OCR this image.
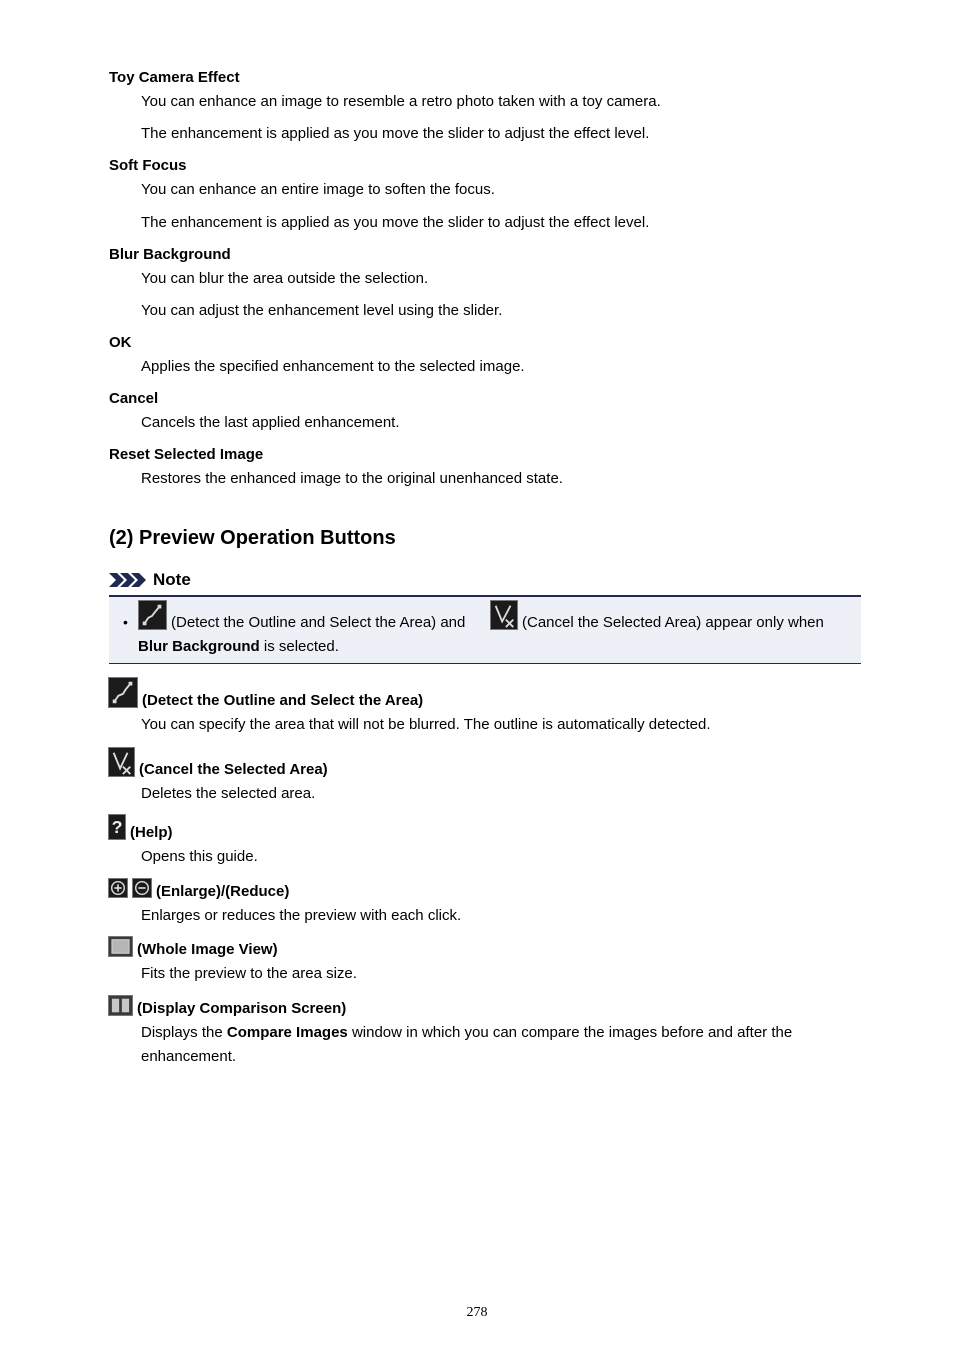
Toy Camera Effect
You can enhance an image to resemble a retro photo taken with a toy camera.
The enhancement is applied as you move the slider to adjust the effect level.
Soft Focus
You can enhance an entire image to soften the focus.
The enhancement is applied as you move the slider to adjust the effect level.
Blur Background
You can blur the area outside the selection.
You can adjust the enhancement level using the slider.
OK
Applies the specified enhancement to the selected image.
Cancel
Cancels the last applied enhancement.
Reset Selected Image
Restores the enhanced image to the original unenhanced state.
(2) Preview Operation Buttons
Note
•	(Detect the Outline and Select the Area) and	(Cancel the Selected Area) appear only when
Blur Background is selected.
(Detect the Outline and Select the Area)
You can specify the area that will not be blurred. The outline is automatically detected.
(Cancel the Selected Area)
Deletes the selected area.
? (Help)
Opens this guide.
(Enlarge)/(Reduce)
Enlarges or reduces the preview with each click.
(Whole Image View)
Fits the preview to the area size.
(Display Comparison Screen)
Displays the Compare Images window in which you can compare the images before and after the
enhancement.
278
